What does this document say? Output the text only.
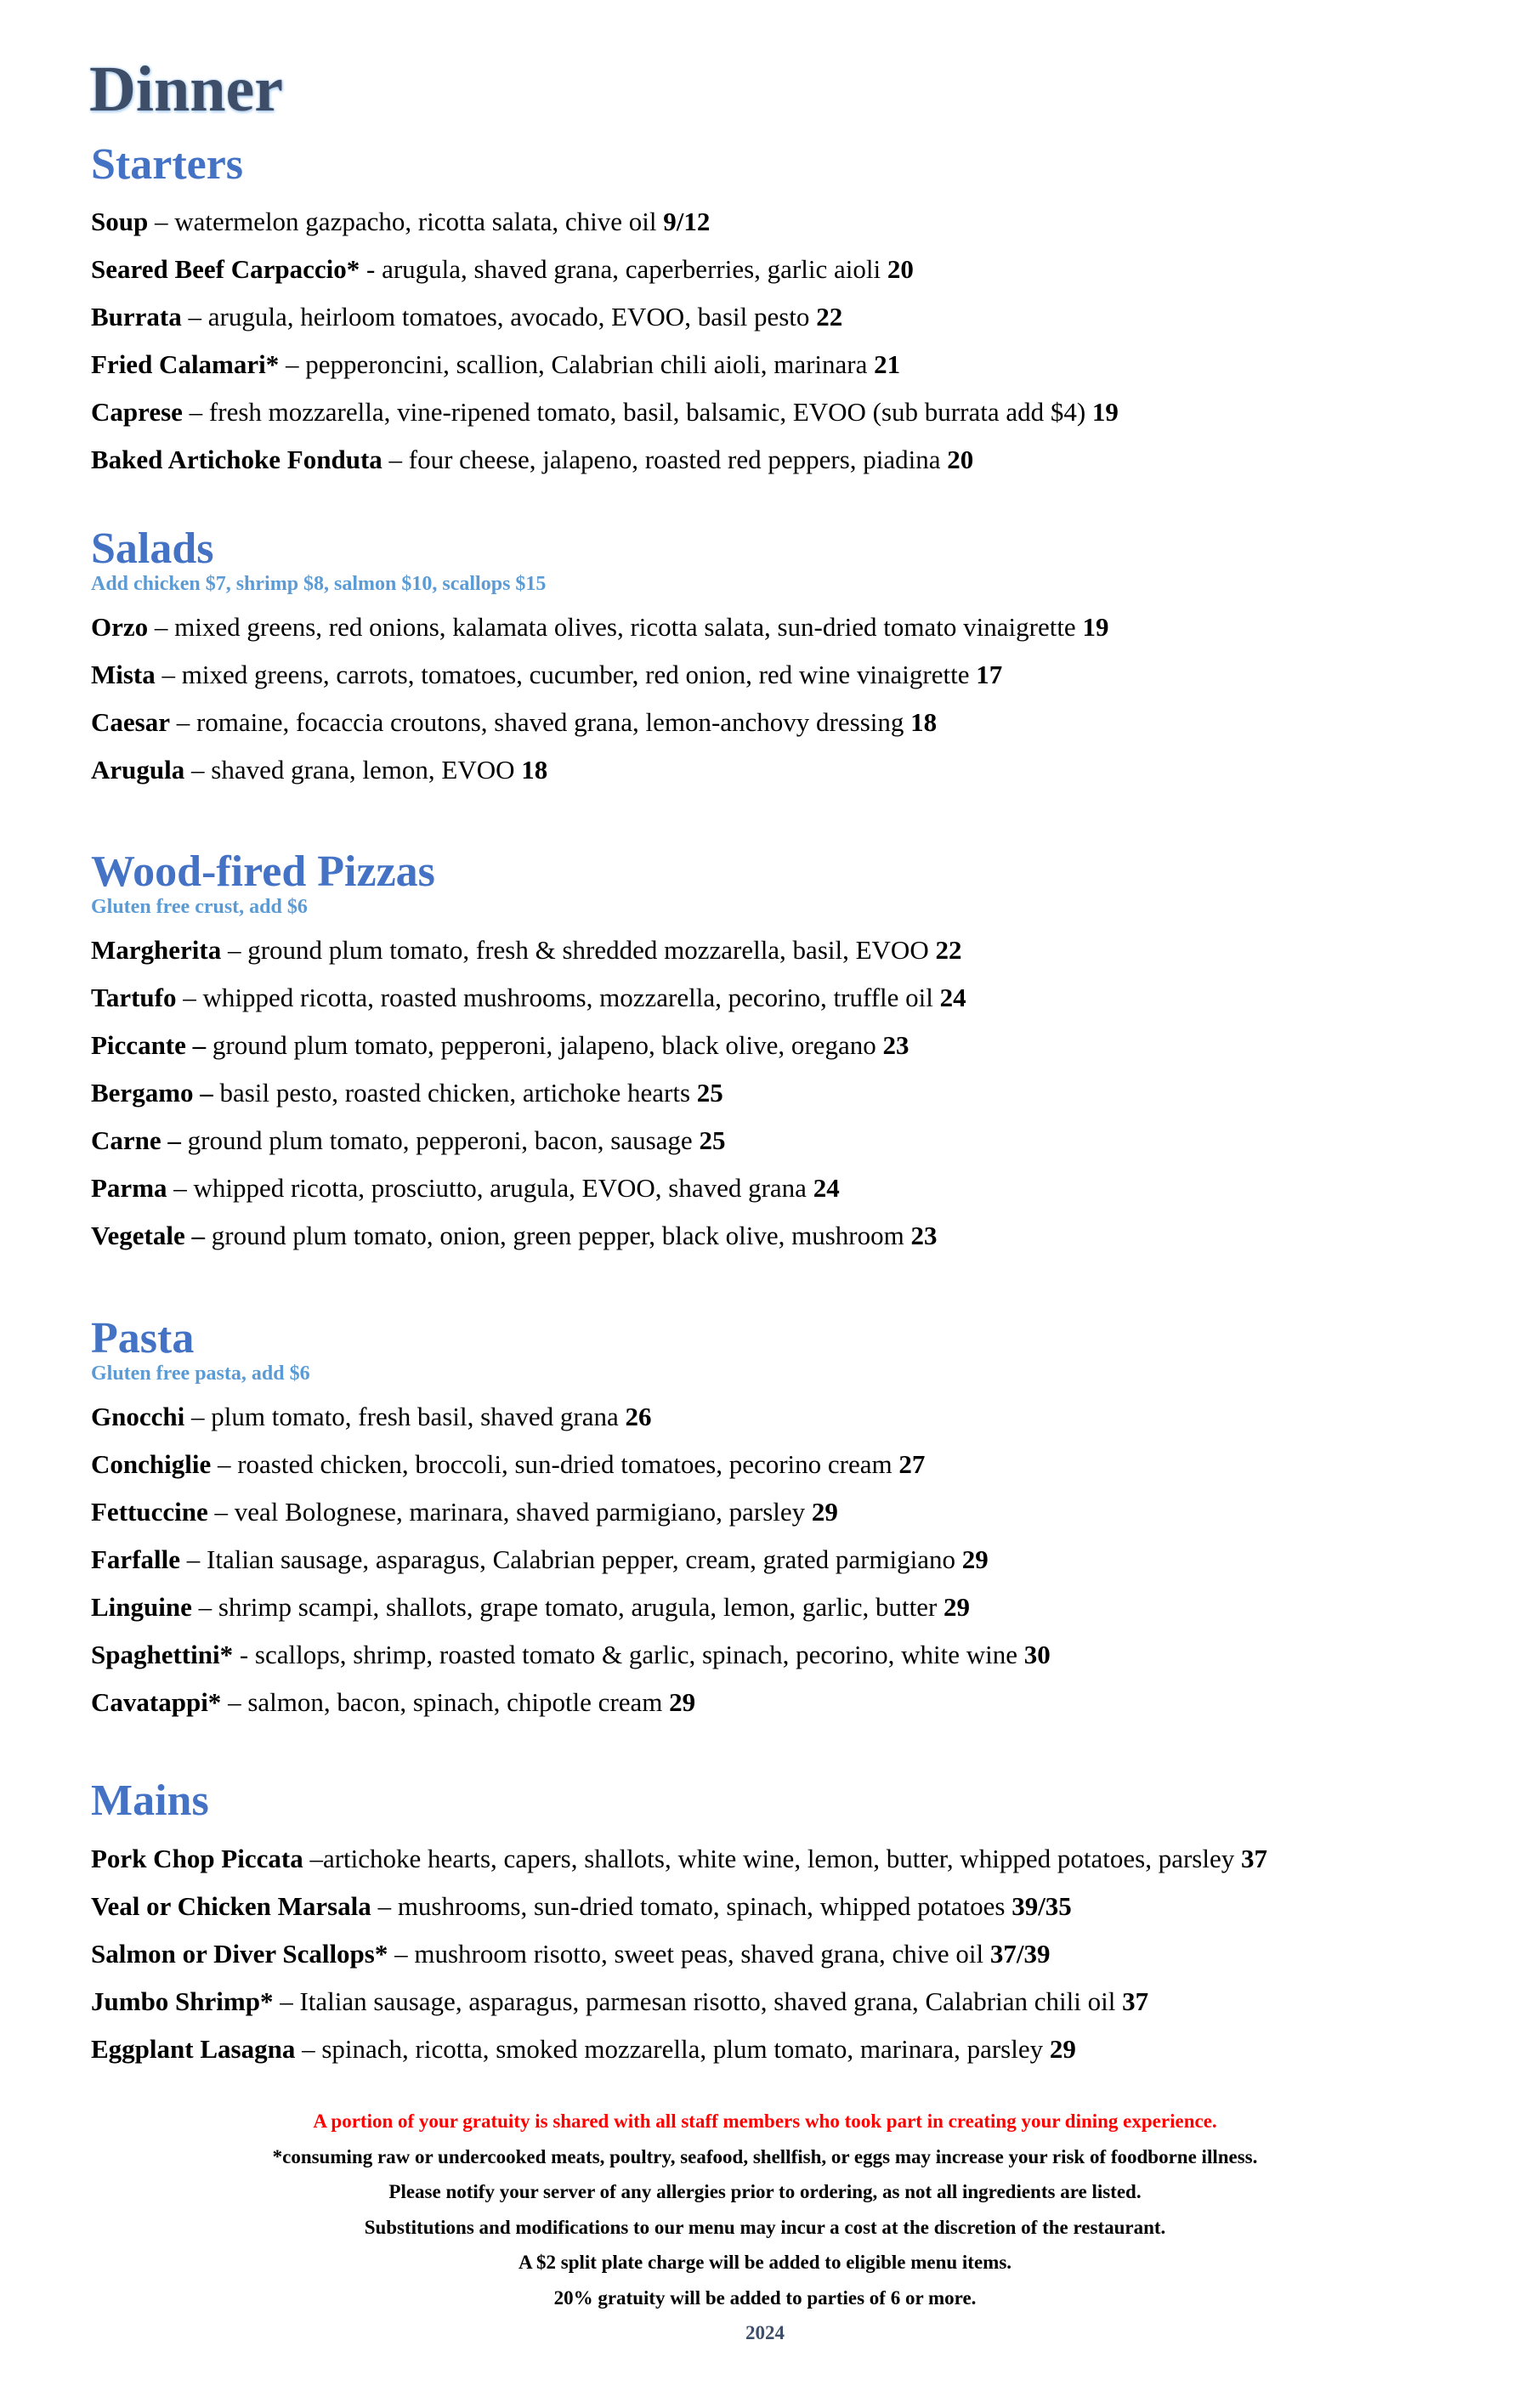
Dinner
Starters
Soup – watermelon gazpacho, ricotta salata, chive oil 9/12
Seared Beef Carpaccio* - arugula, shaved grana, caperberries, garlic aioli 20
Burrata – arugula, heirloom tomatoes, avocado, EVOO, basil pesto 22
Fried Calamari* – pepperoncini, scallion, Calabrian chili aioli, marinara 21
Caprese – fresh mozzarella, vine-ripened tomato, basil, balsamic, EVOO (sub burrata add $4) 19
Baked Artichoke Fonduta – four cheese, jalapeno, roasted red peppers, piadina 20
Salads

Add chicken $7, shrimp $8, salmon $10, scallops $15

Orzo – mixed greens, red onions, kalamata olives, ricotta salata, sun-dried tomato vinaigrette 19
Mista – mixed greens, carrots, tomatoes, cucumber, red onion, red wine vinaigrette 17
Caesar – romaine, focaccia croutons, shaved grana, lemon-anchovy dressing 18
Arugula – shaved grana, lemon, EVOO 18
Wood-fired Pizzas

Gluten free crust, add $6

Margherita – ground plum tomato, fresh & shredded mozzarella, basil, EVOO 22
Tartufo – whipped ricotta, roasted mushrooms, mozzarella, pecorino, truffle oil 24
Piccante – ground plum tomato, pepperoni, jalapeno, black olive, oregano 23
Bergamo – basil pesto, roasted chicken, artichoke hearts 25
Carne – ground plum tomato, pepperoni, bacon, sausage 25
Parma – whipped ricotta, prosciutto, arugula, EVOO, shaved grana 24
Vegetale – ground plum tomato, onion, green pepper, black olive, mushroom 23
Pasta

Gluten free pasta, add $6

Gnocchi – plum tomato, fresh basil, shaved grana 26
Conchiglie – roasted chicken, broccoli, sun-dried tomatoes, pecorino cream 27
Fettuccine – veal Bolognese, marinara, shaved parmigiano, parsley 29
Farfalle – Italian sausage, asparagus, Calabrian pepper, cream, grated parmigiano 29
Linguine – shrimp scampi, shallots, grape tomato, arugula, lemon, garlic, butter 29
Spaghettini* - scallops, shrimp, roasted tomato & garlic, spinach, pecorino, white wine 30
Cavatappi* – salmon, bacon, spinach, chipotle cream 29
Mains
Pork Chop Piccata –artichoke hearts, capers, shallots, white wine, lemon, butter, whipped potatoes, parsley 37
Veal or Chicken Marsala – mushrooms, sun-dried tomato, spinach, whipped potatoes 39/35
Salmon or Diver Scallops* – mushroom risotto, sweet peas, shaved grana, chive oil 37/39
Jumbo Shrimp* – Italian sausage, asparagus, parmesan risotto, shaved grana, Calabrian chili oil 37
Eggplant Lasagna – spinach, ricotta, smoked mozzarella, plum tomato, marinara, parsley 29
A portion of your gratuity is shared with all staff members who took part in creating your dining experience.
*consuming raw or undercooked meats, poultry, seafood, shellfish, or eggs may increase your risk of foodborne illness.
Please notify your server of any allergies prior to ordering, as not all ingredients are listed.
Substitutions and modifications to our menu may incur a cost at the discretion of the restaurant.
A $2 split plate charge will be added to eligible menu items.
20% gratuity will be added to parties of 6 or more.
2024
